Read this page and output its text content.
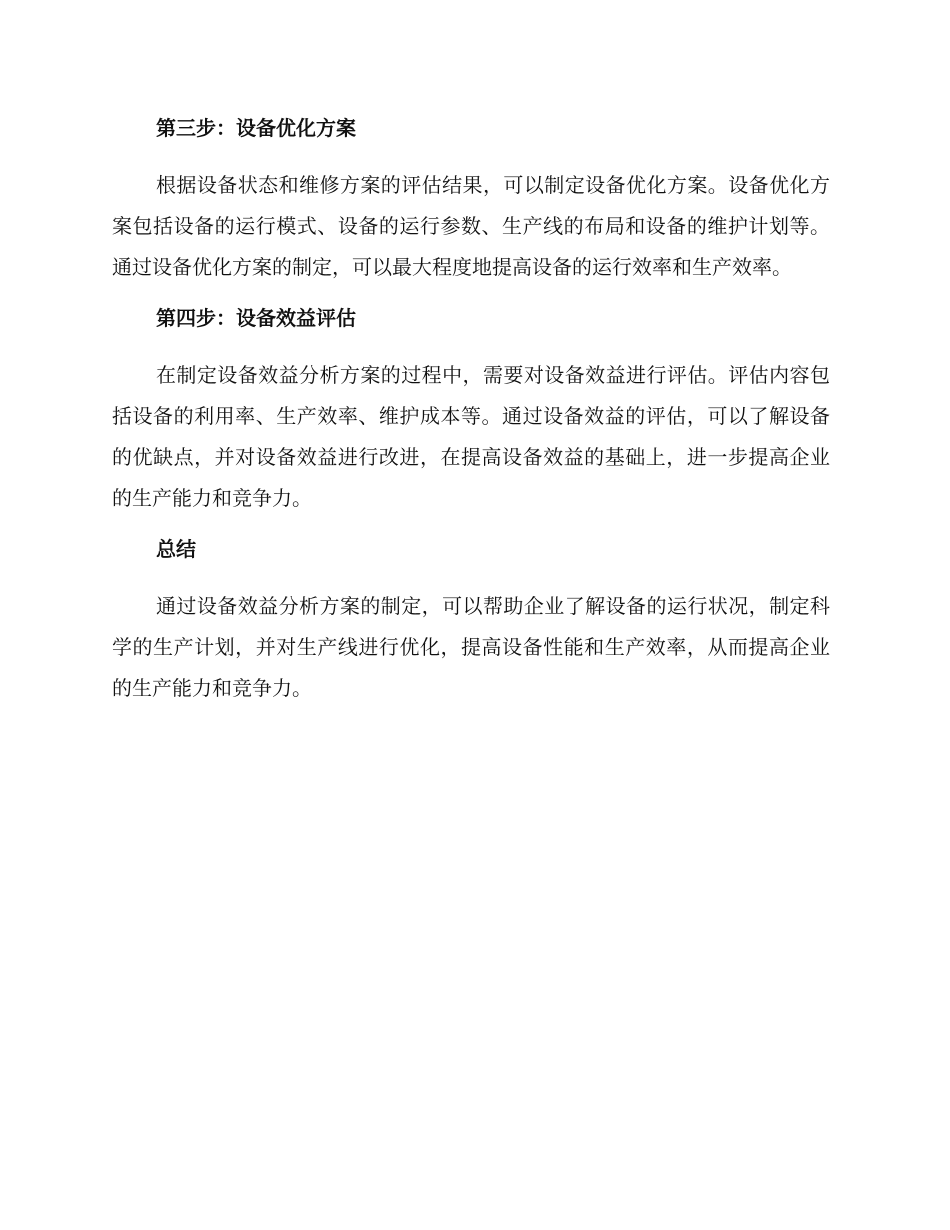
第三步：设备优化方案

根据设备状态和维修方案的评估结果，可以制定设备优化方案。设备优化方案包括设备的运行模式、设备的运行参数、生产线的布局和设备的维护计划等。通过设备优化方案的制定，可以最大程度地提高设备的运行效率和生产效率。

第四步：设备效益评估

在制定设备效益分析方案的过程中，需要对设备效益进行评估。评估内容包括设备的利用率、生产效率、维护成本等。通过设备效益的评估，可以了解设备的优缺点，并对设备效益进行改进，在提高设备效益的基础上，进一步提高企业的生产能力和竞争力。

总结

通过设备效益分析方案的制定，可以帮助企业了解设备的运行状况，制定科学的生产计划，并对生产线进行优化，提高设备性能和生产效率，从而提高企业的生产能力和竞争力。
